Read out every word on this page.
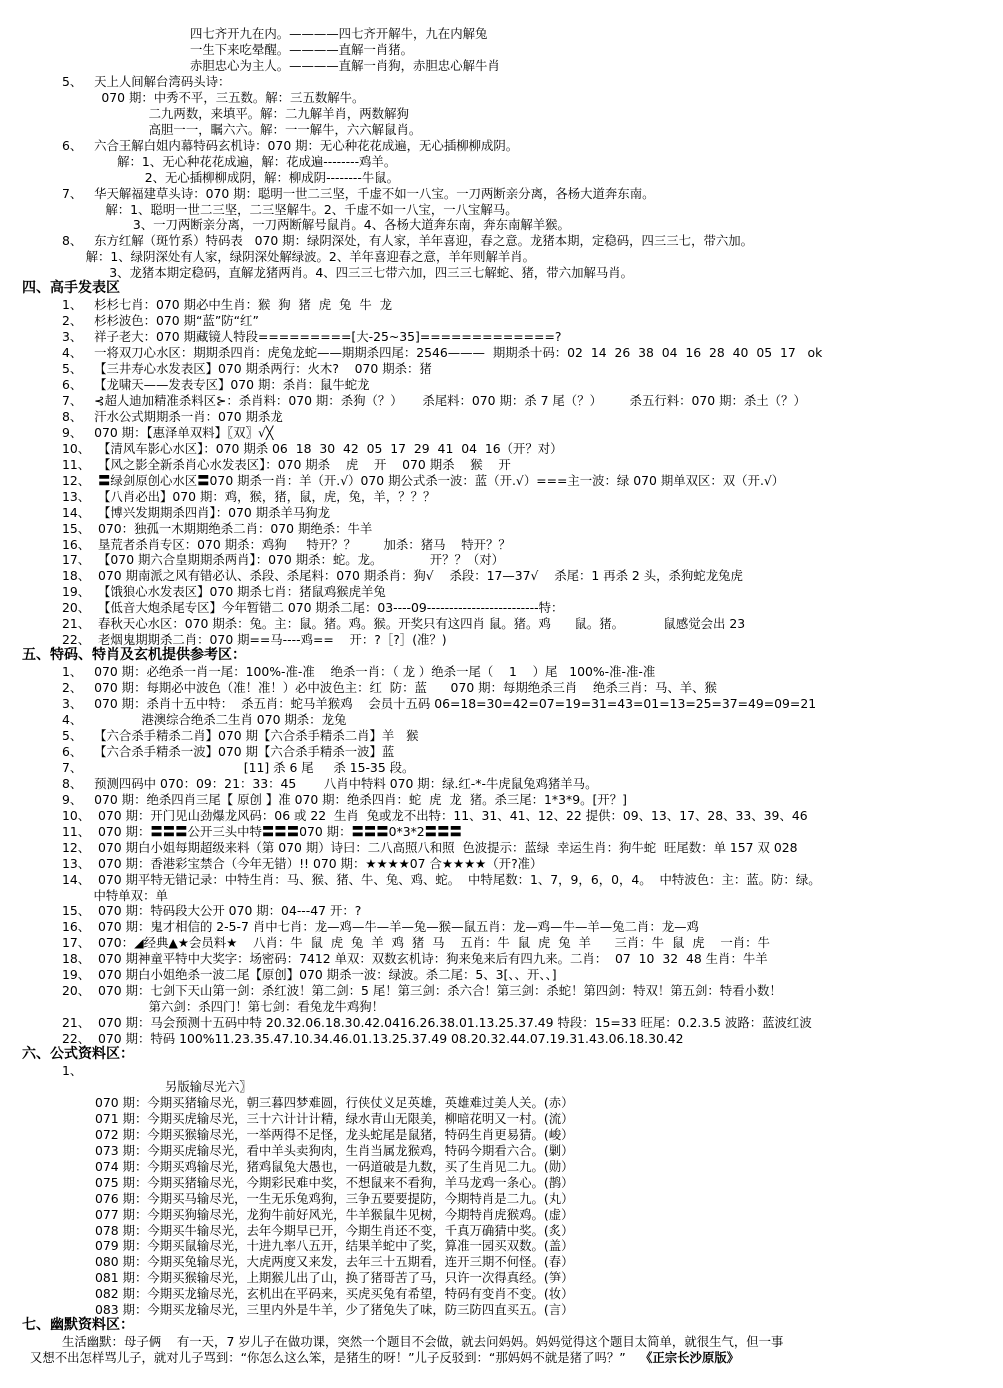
四七齐开九在内。————四七齐开解牛，九在内解兔
一生下来吃晕醒。————直解一肖猪。
赤胆忠心为主人。————直解一肖狗，赤胆忠心解牛肖
5、   天上人间解台湾码头诗：
070 期：中秀不平，三五数。解：三五数解牛。
二九两数，来填平。解：二九解羊肖，两数解狗
高胆一一，瞩六六。解：一一解牛，六六解鼠肖。
6、   六合王解白姐内幕特码玄机诗：070 期：无心种花花成遍，无心插柳柳成阴。
解：1、无心种花花成遍，解：花成遍--------鸡羊。
2、无心插柳柳成阴，解：柳成阴--------牛鼠。
7、   华天解福建草头诗：070 期：聪明一世二三坚，千虚不如一八宝。一刀两断亲分离，各杨大道奔东南。
解：1、聪明一世二三坚，二三坚解牛。2、千虚不如一八宝，一八宝解马。
3、一刀两断亲分离，一刀两断解号鼠肖。4、各杨大道奔东南，奔东南解羊猴。
8、   东方红解（斑竹系）特码表   070 期：绿阴深处，有人家，羊年喜迎，春之意。龙猪本期，定稳码，四三三七，带六加。
解：1、绿阴深处有人家，绿阴深处解绿波。2、羊年喜迎春之意，羊年则解羊肖。
3、龙猪本期定稳码，直解龙猪两肖。4、四三三七带六加，四三三七解蛇、猪，带六加解马肖。
四、高手发表区
1、   杉杉七肖：070 期必中生肖：猴  狗  猪  虎  兔  牛  龙
2、   杉杉波色：070 期“蓝”防“红”
3、   祥子老大：070 期藏镜人特段=========[大-25~35]=============?
4、   一将双刀心水区：期期杀四肖：虎兔龙蛇——期期杀四尾：2546———  期期杀十码：02  14  26  38  04  16  28  40  05  17   ok
5、   【三井寿心水发表区】070 期杀两行：火木?    070 期杀：猪
6、   【龙啸天——发表专区】070 期：杀肖：鼠牛蛇龙
7、   ⊰超人迪加精准杀料区⊱：杀肖料：070 期：杀狗（？）     杀尾料：070 期：杀 7 尾（？）       杀五行料：070 期：杀土（？）
8、   汗水公式期期杀一肖：070 期杀龙
9、   070 期：【惠泽单双料】〖双〗√╳
10、  【清风车影心水区】：070 期杀 06  18  30  42  05  17  29  41  04  16（开？对）
11、  【风之影全新杀肖心水发表区】：070 期杀    虎    开    070 期杀    猴    开
12、  〓绿剑原创心水区〓070 期杀一肖：羊（开.√）070 期公式杀一波：蓝（开.√）===主一波：绿 070 期单双区：双（开.√）
13、  【八肖必出】070 期：鸡，猴，猪，鼠，虎，兔，羊，？？？
14、  【博兴发期期杀四肖】：070 期杀羊马狗龙
15、  070：独孤一木期期绝杀二肖：070 期绝杀：牛羊
16、  垦荒者杀肖专区：070 期杀：鸡狗     特开？？       加杀：猪马    特开？？
17、  【070 期六合皇期期杀两肖】：070 期杀：蛇。龙。            开？？（对）
18、  070 期南派之风有错必认、杀段、杀尾料：070 期杀肖：狗√    杀段：17—37√    杀尾：1 再杀 2 头，杀狗蛇龙兔虎
19、  【饿狼心水发表区】070 期杀七肖：猪鼠鸡猴虎羊兔
20、  【低音大炮杀尾专区】今年暂错二 070 期杀二尾：03----09-------------------------特：
21、  春秋天心水区：070 期杀：兔。主：鼠。猪。鸡。猴。开奖只有这四肖 鼠。猪。鸡      鼠。猪。          鼠感觉会出 23
22、  老烟鬼期期杀二肖：070 期==马----鸡==    开：?［?］(准？)
五、特码、特肖及玄机提供参考区：
1、   070 期：必绝杀一肖一尾：100%-准-准    绝杀一肖：（ 龙 ）绝杀一尾（    1    ）尾   100%-准-准-准
2、   070 期：每期必中波色（准！准！）必中波色主：红  防：蓝      070 期：每期绝杀三肖    绝杀三肖：马、羊、猴
3、   070 期：杀肖十五中特：  杀五肖：蛇马羊猴鸡    会员十五码 06=18=30=42=07=19=31=43=01=13=25=37=49=09=21
4、               港澳综合绝杀二生肖 070 期杀：龙兔
5、   【六合杀手精杀二肖】070 期【六合杀手精杀二肖】羊   猴
6、   【六合杀手精杀一波】070 期【六合杀手精杀一波】蓝
7、                                         [11] 杀 6 尾     杀 15-35 段。
8、   预测四码中 070：09：21：33：45       八肖中特料 070 期：绿.红-*-牛虎鼠兔鸡猪羊马。
9、   070 期：绝杀四肖三尾【 原创 】准 070 期：绝杀四肖：蛇  虎  龙  猪。杀三尾：1*3*9。[开？]
10、  070 期：开门见山劲爆龙风码：06 或 22  生肖  兔或龙不出特：11、31、41、12、22 提供：09、13、17、28、33、39、46
11、  070 期：〓〓〓公开三头中特〓〓〓070 期：〓〓〓0*3*2〓〓〓
12、  070 期白小姐每期超级来料（第 070 期）诗曰：二八高照八和照  色波提示：蓝绿  幸运生肖：狗牛蛇  旺尾数：单 157 双 028
13、  070 期：香港彩宝禁合（今年无错）!! 070 期：★★★★07 合★★★★（开?准）
14、  070 期平特无错记录：中特生肖：马、猴、猪、牛、兔、鸡、蛇。  中特尾数：1、7，9，6，0，4。  中特波色：主：蓝。防：绿。
中特单双：单
15、  070 期：特码段大公开 070 期：04---47 开：?
16、  070 期：鬼才相信的 2-5-7 肖中七肖：龙—鸡—牛—羊—兔—猴—鼠五肖：龙—鸡—牛—羊—兔二肖：龙—鸡
17、  070：◢经典▲★会员料★    八肖：牛  鼠  虎  兔  羊  鸡  猪  马    五肖：牛  鼠  虎  兔  羊      三肖：牛  鼠  虎    一肖：牛
18、  070 期神童平特中大奖字：场密码：7412 单双：双数玄机诗：狗来兔来后有四九来。二肖：  07  10  32  48 生肖：牛羊
19、  070 期白小姐绝杀一波二尾【原创】070 期杀一波：绿波。杀二尾：5、3[、、开、、]
20、  070 期：七剑下天山第一剑：杀红波！第二剑：5 尾！第三剑：杀六合！第三剑：杀蛇！第四剑：特双！第五剑：特看小数！
第六剑：杀四门！第七剑：看兔龙牛鸡狗！
21、  070 期：马会预测十五码中特 20.32.06.18.30.42.0416.26.38.01.13.25.37.49 特段：15=33 旺尾：0.2.3.5 波路：蓝波红波
22、  070 期：特码 100%11.23.35.47.10.34.46.01.13.25.37.49 08.20.32.44.07.19.31.43.06.18.30.42
六、公式资料区：
1、
另版输尽光六〗
070 期：今期买猪输尽光，朝三暮四梦难圆，行侠仗义足英雄，英雄难过美人关。(赤）
071 期：今期买虎输尽光，三十六计计计精，绿水青山无限美，柳暗花明又一村。(流）
072 期：今期买猴输尽光，一举两得不足怪，龙头蛇尾是鼠猪，特码生肖更易猜。(峻）
073 期：今期买虎输尽光，看中羊头卖狗肉，生肖当属龙猴鸡，特码今期看六合。(剿）
074 期：今期买鸡输尽光，猪鸡鼠兔大愚也，一码道破是九数，买了生肖见二九。(勋）
075 期：今期买猪输尽光，今期彩民难中奖，不想鼠来不看狗，羊马龙鸡一条心。(鹊）
076 期：今期买马输尽光，一生无乐兔鸡狗，三争五要要提防，今期特肖是二九。(丸）
077 期：今期买狗输尽光，龙狗牛前好风光，牛羊猴鼠牛见树，今期特肖虎猴鸡。(虚）
078 期：今期买牛输尽光，去年今期早已开，今期生肖还不变，千真万确猜中奖。(炙）
079 期：今期买鼠输尽光，十进九率八五开，结果羊蛇中了奖，算准一园买双数。(盖）
080 期：今期买兔输尽光，大虎两度又来发，去年三十五期看，连开三期不何怪。(春）
081 期：今期买猴输尽光，上期猴儿出了山，换了猪哥苦了马，只许一次得真经。(笋）
082 期：今期买龙输尽光，玄机出在平码来，买虎买兔有希望，特码有变肖不变。(妆）
083 期：今期买龙输尽光，三里内外是牛羊，少了猪兔失了味，防三防四直买五。(言）
七、幽默资料区：
生活幽默：母子俩    有一天，7 岁儿子在做功课，突然一个题目不会做，就去问妈妈。妈妈觉得这个题目太简单，就很生气，但一事
又想不出怎样骂儿子，就对儿子骂到：“你怎么这么笨，是猪生的呀！”儿子反驳到：“那妈妈不就是猪了吗？” 《正宗长沙原版》
